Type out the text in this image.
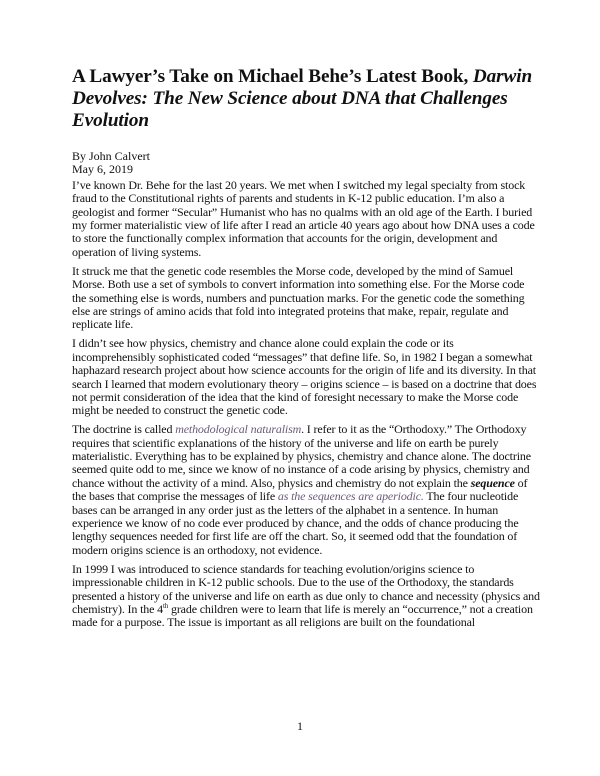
A Lawyer’s Take on Michael Behe’s Latest Book, Darwin Devolves: The New Science about DNA that Challenges Evolution

By John Calvert

May 6, 2019

I’ve known Dr. Behe for the last 20 years. We met when I switched my legal specialty from stock fraud to the Constitutional rights of parents and students in K-12 public education. I’m also a geologist and former “Secular” Humanist who has no qualms with an old age of the Earth. I buried my former materialistic view of life after I read an article 40 years ago about how DNA uses a code to store the functionally complex information that accounts for the origin, development and operation of living systems.

It struck me that the genetic code resembles the Morse code, developed by the mind of Samuel Morse. Both use a set of symbols to convert information into something else. For the Morse code the something else is words, numbers and punctuation marks. For the genetic code the something else are strings of amino acids that fold into integrated proteins that make, repair, regulate and replicate life.

I didn’t see how physics, chemistry and chance alone could explain the code or its incomprehensibly sophisticated coded “messages” that define life. So, in 1982 I began a somewhat haphazard research project about how science accounts for the origin of life and its diversity. In that search I learned that modern evolutionary theory – origins science – is based on a doctrine that does not permit consideration of the idea that the kind of foresight necessary to make the Morse code might be needed to construct the genetic code.

The doctrine is called methodological naturalism. I refer to it as the “Orthodoxy.” The Orthodoxy requires that scientific explanations of the history of the universe and life on earth be purely materialistic. Everything has to be explained by physics, chemistry and chance alone. The doctrine seemed quite odd to me, since we know of no instance of a code arising by physics, chemistry and chance without the activity of a mind. Also, physics and chemistry do not explain the sequence of the bases that comprise the messages of life as the sequences are aperiodic. The four nucleotide bases can be arranged in any order just as the letters of the alphabet in a sentence. In human experience we know of no code ever produced by chance, and the odds of chance producing the lengthy sequences needed for first life are off the chart. So, it seemed odd that the foundation of modern origins science is an orthodoxy, not evidence.

In 1999 I was introduced to science standards for teaching evolution/origins science to impressionable children in K-12 public schools. Due to the use of the Orthodoxy, the standards presented a history of the universe and life on earth as due only to chance and necessity (physics and chemistry). In the 4th grade children were to learn that life is merely an “occurrence,” not a creation made for a purpose. The issue is important as all religions are built on the foundational

1
